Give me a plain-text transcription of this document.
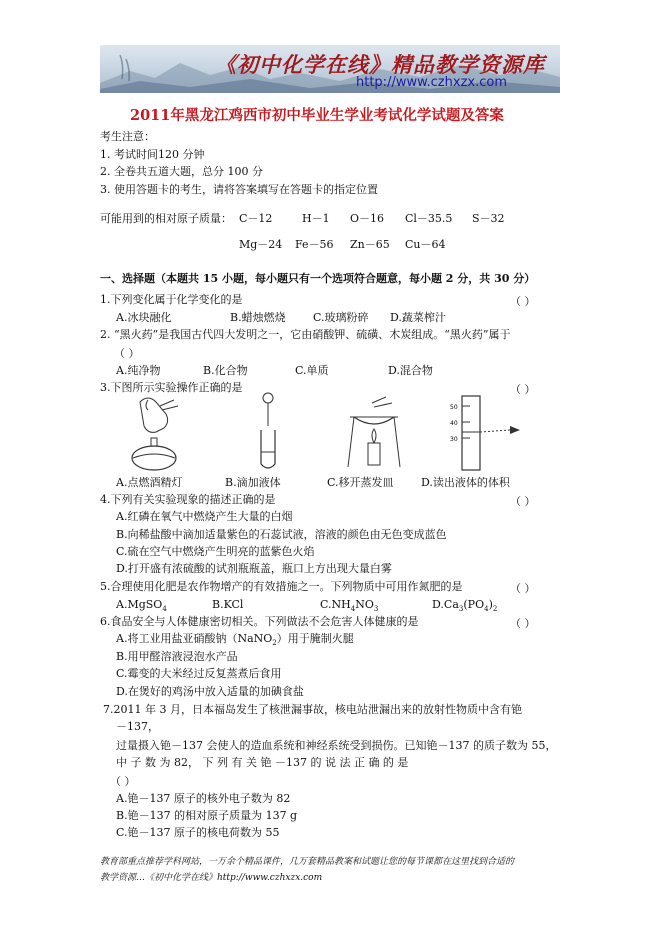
《初中化学在线》精品教学资源库
http://www.czhxzx.com
2011年黑龙江鸡西市初中毕业生学业考试化学试题及答案
考生注意：
1. 考试时间120 分钟
2. 全卷共五道大题，总分 100 分
3. 使用答题卡的考生，请将答案填写在答题卡的指定位置
可能用到的相对原子质量： C－12	H－1 O－16 Cl－35.5 S－32
Mg－24 Fe－56 Zn－65 Cu－64
一、选择题（本题共 15 小题，每小题只有一个选项符合题意，每小题 2 分，共 30 分）
1.下列变化属于化学变化的是	（ ）
A.冰块融化	B.蜡烛燃烧 C.玻璃粉碎 D.蔬菜榨汁
2. “黑火药”是我国古代四大发明之一，它由硝酸钾、硫磺、木炭组成。“黑火药”属于
（ ）
A.纯净物	B.化合物	C.单质	D.混合物
3.下图所示实验操作正确的是	（ ）
50
40
30
A.点燃酒精灯	B.滴加液体	C.移开蒸发皿 D.读出液体的体积
4.下列有关实验现象的描述正确的是	（ ）
A.红磷在氧气中燃烧产生大量的白烟
B.向稀盐酸中滴加适量紫色的石蕊试液，溶液的颜色由无色变成蓝色
C.硫在空气中燃烧产生明亮的蓝紫色火焰
D.打开盛有浓硫酸的试剂瓶瓶盖，瓶口上方出现大量白雾
5.合理使用化肥是农作物增产的有效措施之一。下列物质中可用作氮肥的是	（ ）
A.MgSO$_4$	B.KCl	$C.NH_4NO_3$	$D.Ca_3(PO_4)_2$
6.食品安全与人体健康密切相关。下列做法不会危害人体健康的是	（ ）
A.将工业用盐亚硝酸钠（NaNO$_2$）用于腌制火腿
B.用甲醛溶液浸泡水产品
C.霉变的大米经过反复蒸煮后食用
D.在煲好的鸡汤中放入适量的加碘食盐
7.2011 年 3 月，日本福岛发生了核泄漏事故，核电站泄漏出来的放射性物质中含有铯
－137，
过量摄入铯－137 会使人的造血系统和神经系统受到损伤。已知铯－137 的质子数为 55，
中 子 数 为 82， 下 列 有 关 铯 －137 的 说 法 正 确 的 是
（ ）
A.铯－137 原子的核外电子数为 82
B.铯－137 的相对原子质量为 137 g
C.铯－137 原子的核电荷数为 55
教育部重点推荐学科网站，一万余个精品课件，几万套精品教案和试题让您的每节课都在这里找到合适的
教学资源…《初中化学在线》http://www.czhxzx.com
